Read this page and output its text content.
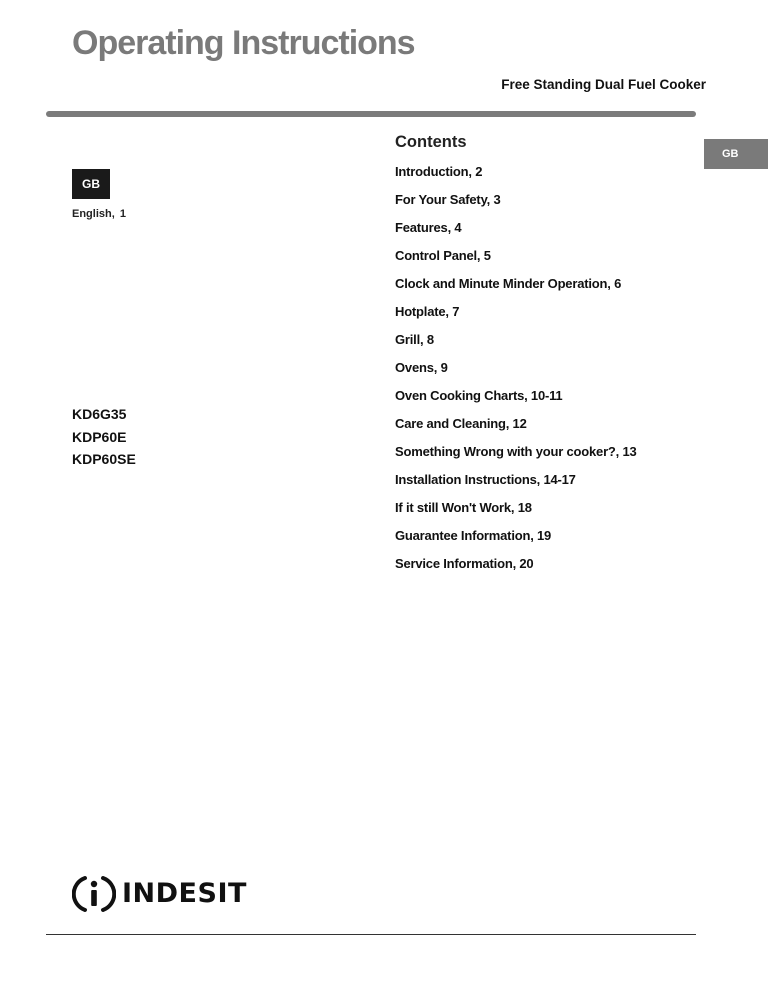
Operating Instructions
Free Standing Dual Fuel Cooker
GB
GB
English, 1
KD6G35
KDP60E
KDP60SE
Contents
Introduction, 2
For Your Safety, 3
Features, 4
Control Panel, 5
Clock and Minute Minder Operation, 6
Hotplate, 7
Grill, 8
Ovens, 9
Oven Cooking Charts, 10-11
Care and Cleaning, 12
Something Wrong with your cooker?, 13
Installation Instructions, 14-17
If it still Won't Work, 18
Guarantee Information, 19
Service Information, 20
INDESIT
